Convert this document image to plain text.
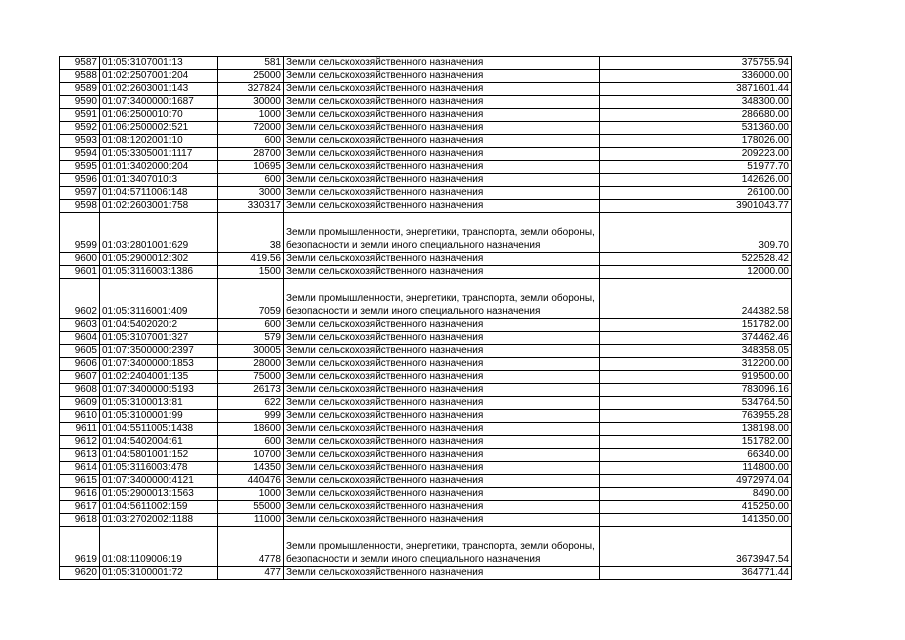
9587	01:05:3107001:13	581	Земли сельскохозяйственного назначения	375755.94
9588	01:02:2507001:204	25000	Земли сельскохозяйственного назначения	336000.00
9589	01:02:2603001:143	327824	Земли сельскохозяйственного назначения	3871601.44
9590	01:07:3400000:1687	30000	Земли сельскохозяйственного назначения	348300.00
9591	01:06:2500010:70	1000	Земли сельскохозяйственного назначения	286680.00
9592	01:06:2500002:521	72000	Земли сельскохозяйственного назначения	531360.00
9593	01:08:1202001:10	600	Земли сельскохозяйственного назначения	178026.00
9594	01:05:3305001:1117	28700	Земли сельскохозяйственного назначения	209223.00
9595	01:01:3402000:204	10695	Земли сельскохозяйственного назначения	51977.70
9596	01:01:3407010:3	600	Земли сельскохозяйственного назначения	142626.00
9597	01:04:5711006:148	3000	Земли сельскохозяйственного назначения	26100.00
9598	01:02:2603001:758	330317	Земли сельскохозяйственного назначения	3901043.77
9599	01:03:2801001:629	38	Земли промышленности, энергетики, транспорта, земли обороны, безопасности и земли иного специального назначения	309.70
9600	01:05:2900012:302	419.56	Земли сельскохозяйственного назначения	522528.42
9601	01:05:3116003:1386	1500	Земли сельскохозяйственного назначения	12000.00
9602	01:05:3116001:409	7059	Земли промышленности, энергетики, транспорта, земли обороны, безопасности и земли иного специального назначения	244382.58
9603	01:04:5402020:2	600	Земли сельскохозяйственного назначения	151782.00
9604	01:05:3107001:327	579	Земли сельскохозяйственного назначения	374462.46
9605	01:07:3500000:2397	30005	Земли сельскохозяйственного назначения	348358.05
9606	01:07:3400000:1853	28000	Земли сельскохозяйственного назначения	312200.00
9607	01:02:2404001:135	75000	Земли сельскохозяйственного назначения	919500.00
9608	01:07:3400000:5193	26173	Земли сельскохозяйственного назначения	783096.16
9609	01:05:3100013:81	622	Земли сельскохозяйственного назначения	534764.50
9610	01:05:3100001:99	999	Земли сельскохозяйственного назначения	763955.28
9611	01:04:5511005:1438	18600	Земли сельскохозяйственного назначения	138198.00
9612	01:04:5402004:61	600	Земли сельскохозяйственного назначения	151782.00
9613	01:04:5801001:152	10700	Земли сельскохозяйственного назначения	66340.00
9614	01:05:3116003:478	14350	Земли сельскохозяйственного назначения	114800.00
9615	01:07:3400000:4121	440476	Земли сельскохозяйственного назначения	4972974.04
9616	01:05:2900013:1563	1000	Земли сельскохозяйственного назначения	8490.00
9617	01:04:5611002:159	55000	Земли сельскохозяйственного назначения	415250.00
9618	01:03:2702002:1188	11000	Земли сельскохозяйственного назначения	141350.00
9619	01:08:1109006:19	4778	Земли промышленности, энергетики, транспорта, земли обороны, безопасности и земли иного специального назначения	3673947.54
9620	01:05:3100001:72	477	Земли сельскохозяйственного назначения	364771.44
